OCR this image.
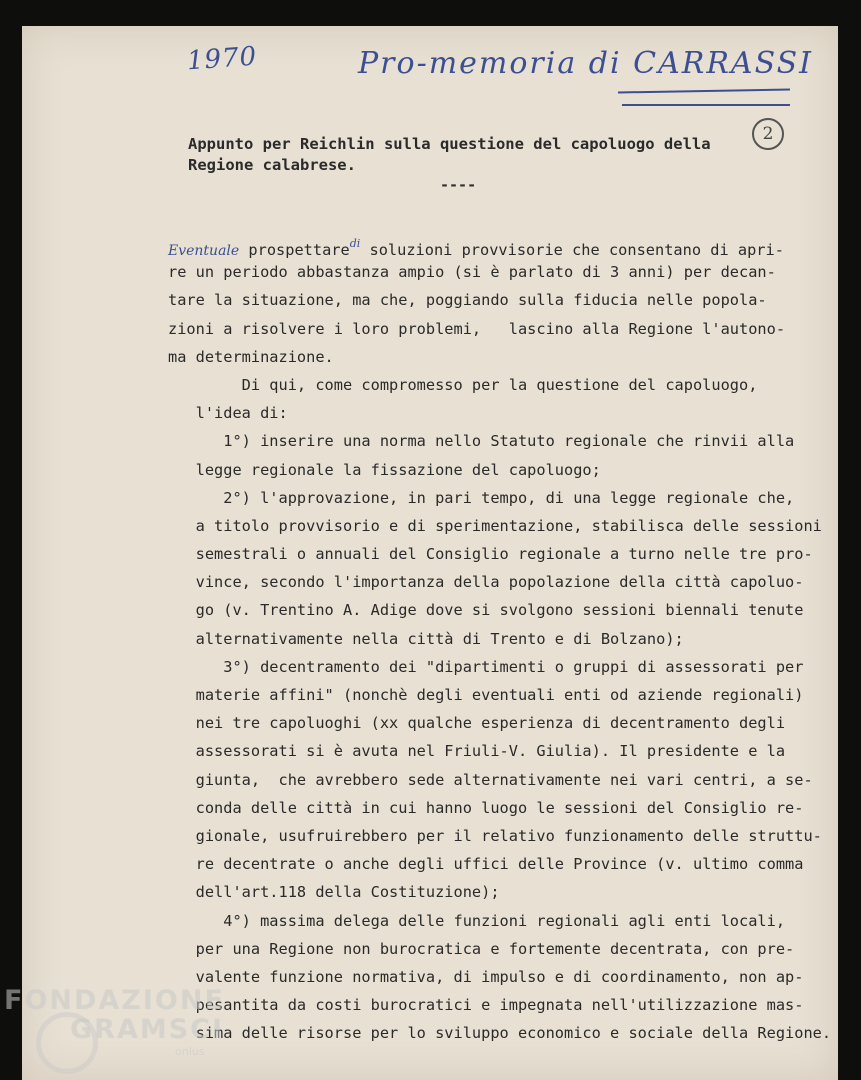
1970	Pro-memoria di CARRASSI
2
Appunto per Reichlin sulla questione del capoluogo della
Regione calabrese.
----
Eventuale prospettare$^{di}$ soluzioni provvisorie che consentano di apri-
re un periodo abbastanza ampio (si è parlato di 3 anni) per decan-
tare la situazione, ma che, poggiando sulla fiducia nelle popola-
zioni a risolvere i loro problemi,   lascino alla Regione l'autono-
ma determinazione.
Di qui, come compromesso per la questione del capoluogo,
l'idea di:
1°) inserire una norma nello Statuto regionale che rinvii alla
legge regionale la fissazione del capoluogo;
2°) l'approvazione, in pari tempo, di una legge regionale che,
a titolo provvisorio e di sperimentazione, stabilisca delle sessioni
semestrali o annuali del Consiglio regionale a turno nelle tre pro-
vince, secondo l'importanza della popolazione della città capoluo-
go (v. Trentino A. Adige dove si svolgono sessioni biennali tenute
alternativamente nella città di Trento e di Bolzano);
3°) decentramento dei "dipartimenti o gruppi di assessorati per
materie affini" (nonchè degli eventuali enti od aziende regionali)
nei tre capoluoghi (xx qualche esperienza di decentramento degli
assessorati si è avuta nel Friuli-V. Giulia). Il presidente e la
giunta,  che avrebbero sede alternativamente nei vari centri, a se-
conda delle città in cui hanno luogo le sessioni del Consiglio re-
gionale, usufruirebbero per il relativo funzionamento delle struttu-
re decentrate o anche degli uffici delle Province (v. ultimo comma
dell'art.118 della Costituzione);
4°) massima delega delle funzioni regionali agli enti locali,
per una Regione non burocratica e fortemente decentrata, con pre-
valente funzione normativa, di impulso e di coordinamento, non ap-
pesantita da costi burocratici e impegnata nell'utilizzazione mas-
sima delle risorse per lo sviluppo economico e sociale della Regione.
FONDAZIONE
GRAMSCI
onlus
